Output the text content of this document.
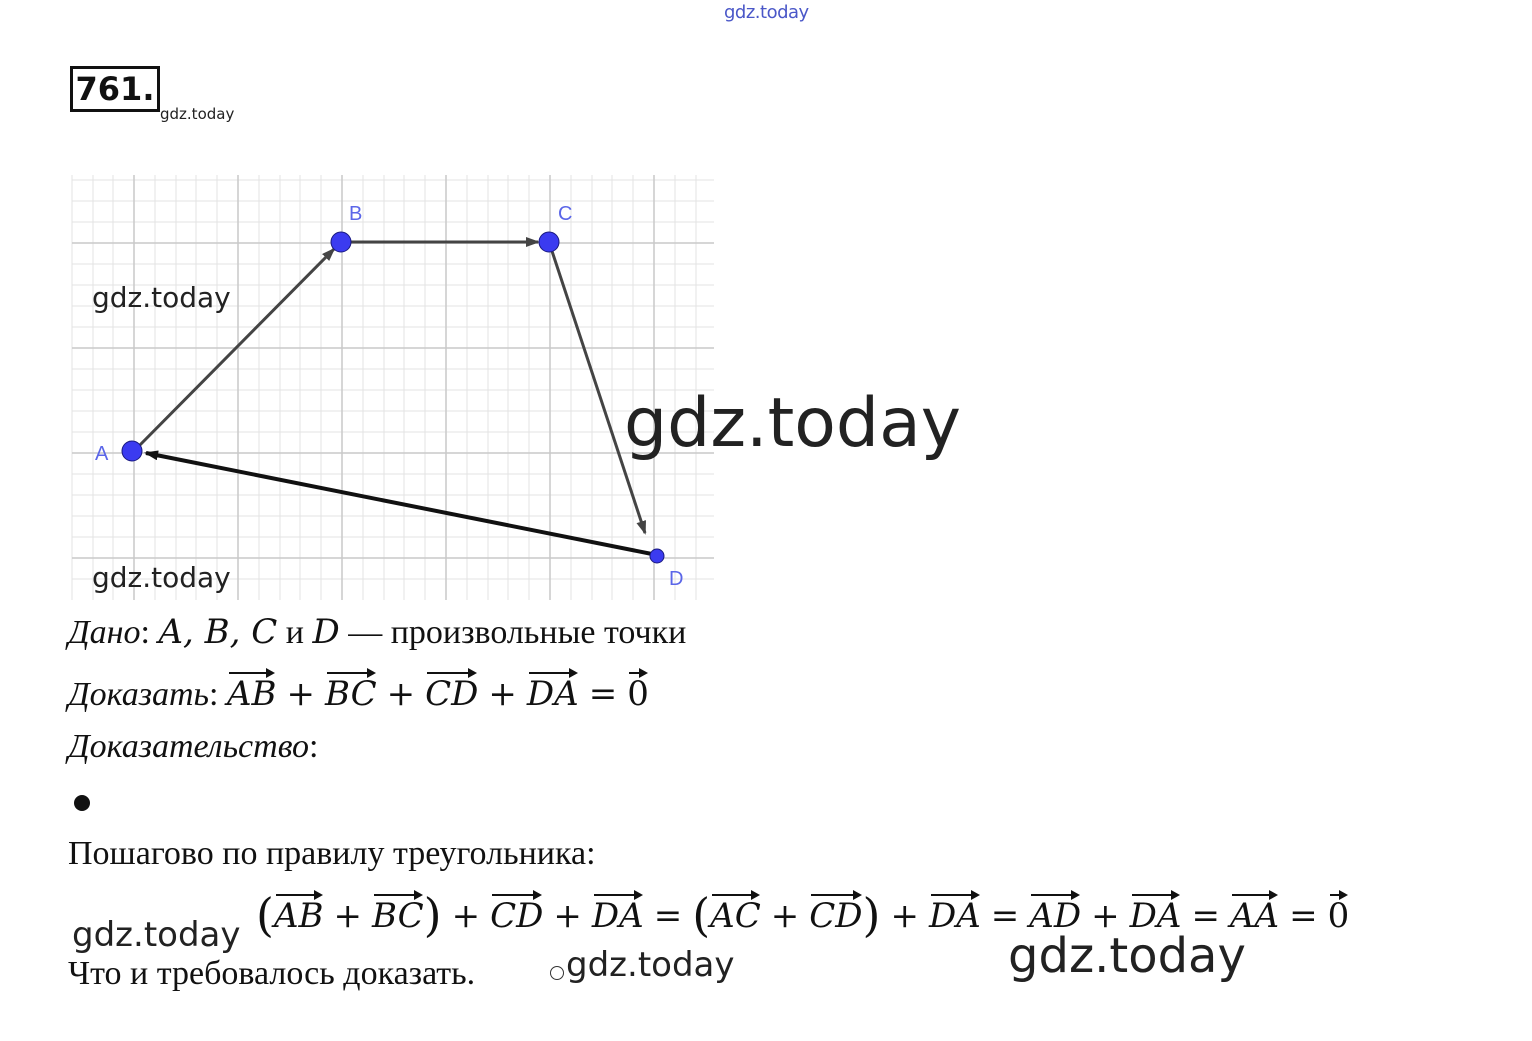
gdz.today
761.
gdz.today
A
B	C
D
gdz.today
gdz.today
gdz.today
Дано: A, B, C и D — произвольные точки
Доказать: AB + BC + CD + DA = 0
Доказательство:
Пошагово по правилу треугольника:
(AB + BC) + CD + DA = (AC + CD) + DA = AD + DA = AA = 0
gdz.today
Что и требовалось доказать.	gdz.today	gdz.today
